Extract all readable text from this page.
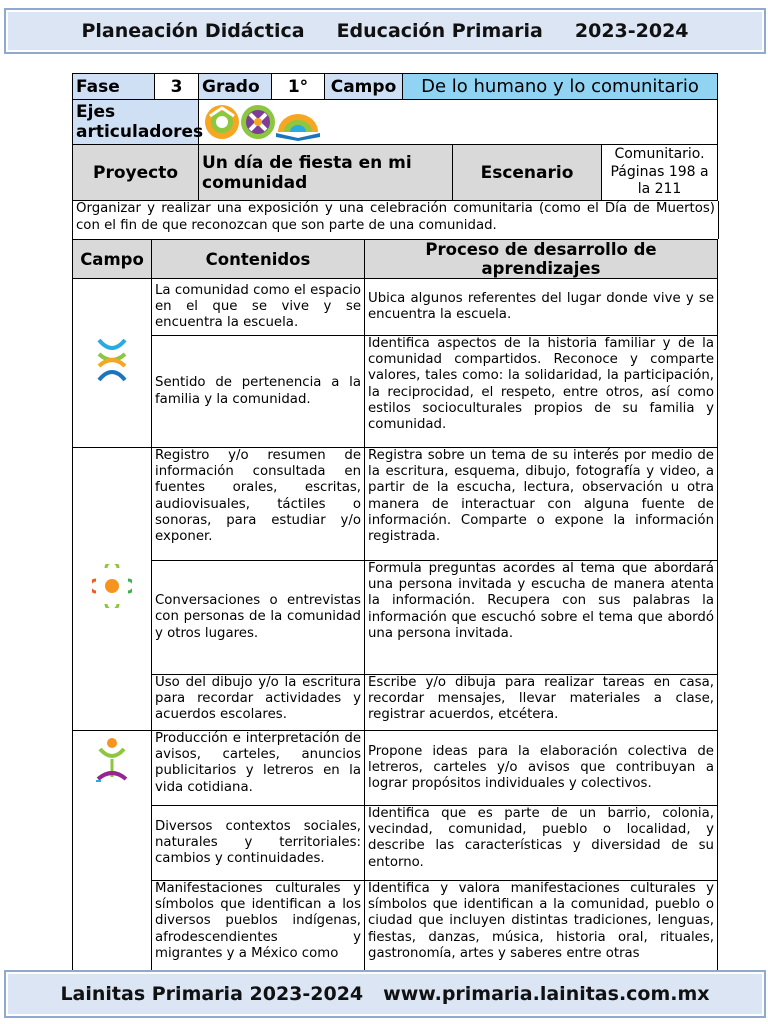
Planeación Didáctica Educación Primaria 2023-2024
Fase	3	Grado	1°	Campo	De lo humano y lo comunitario		
Ejes articuladores	

Proyecto		Un día de fiesta en mi comunidad				Escenario	Comunitario. Páginas 198 a la 211
Organizar y realizar una exposición y una celebración comunitaria (como el Día de Muertos) con el fin de que reconozcan que son parte de una comunidad.
Campo	Contenidos	Proceso de desarrollo de aprendizajes
	La comunidad como el espacio en el que se vive y se encuentra la escuela.	Ubica algunos referentes del lugar donde vive y se encuentra la escuela.
	Sentido de pertenencia a la familia y la comunidad.	Identifica aspectos de la historia familiar y de la comunidad compartidos. Reconoce y comparte valores, tales como: la solidaridad, la participación, la reciprocidad, el respeto, entre otros, así como estilos socioculturales propios de su familia y comunidad.
	Registro y/o resumen de información consultada en fuentes orales, escritas, audiovisuales, táctiles o sonoras, para estudiar y/o exponer.	Registra sobre un tema de su interés por medio de la escritura, esquema, dibujo, fotografía y video, a partir de la escucha, lectura, observación u otra manera de interactuar con alguna fuente de información. Comparte o expone la información registrada.
	Conversaciones o entrevistas con personas de la comunidad y otros lugares.	Formula preguntas acordes al tema que abordará una persona invitada y escucha de manera atenta la información. Recupera con sus palabras la información que escuchó sobre el tema que abordó una persona invitada.
	Uso del dibujo y/o la escritura para recordar actividades y acuerdos escolares.	Escribe y/o dibuja para realizar tareas en casa, recordar mensajes, llevar materiales a clase, registrar acuerdos, etcétera.
	Producción e interpretación de avisos, carteles, anuncios publicitarios y letreros en la vida cotidiana.	Propone ideas para la elaboración colectiva de letreros, carteles y/o avisos que contribuyan a lograr propósitos individuales y colectivos.
	Diversos contextos sociales, naturales y territoriales: cambios y continuidades.	Identifica que es parte de un barrio, colonia, vecindad, comunidad, pueblo o localidad, y describe las características y diversidad de su entorno.
	Manifestaciones culturales y símbolos que identifican a los diversos pueblos indígenas, afrodescendientes y migrantes y a México como	Identifica y valora manifestaciones culturales y símbolos que identifican a la comunidad, pueblo o ciudad que incluyen distintas tradiciones, lenguas, fiestas, danzas, música, historia oral, rituales, gastronomía, artes y saberes entre otras
Lainitas Primaria 2023-2024 www.primaria.lainitas.com.mx
